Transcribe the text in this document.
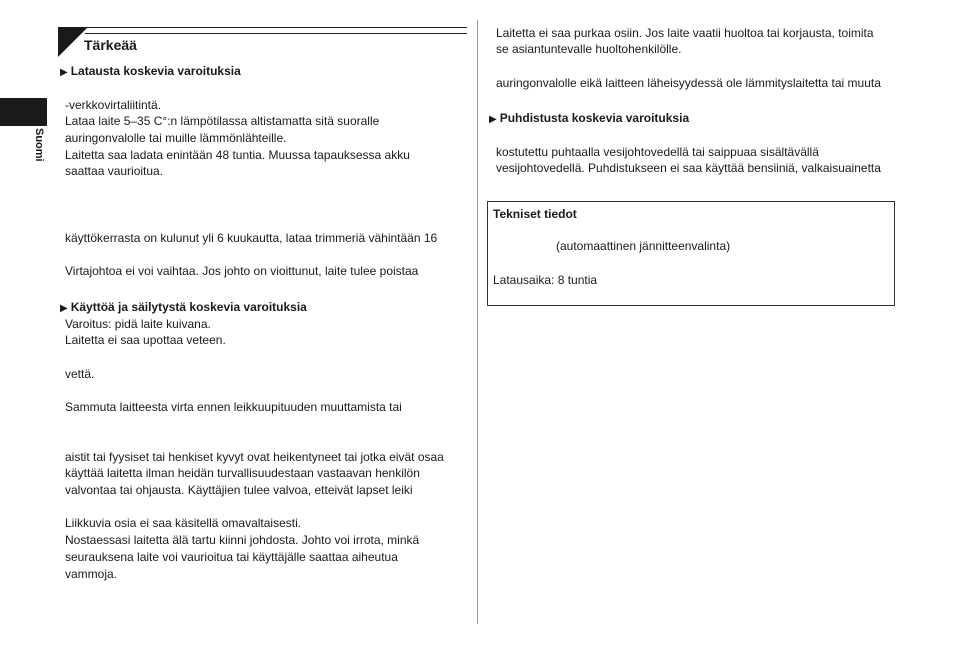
Tärkeää
Suomi
▶ Latausta koskevia varoituksia
-verkkovirtaliitintä.
Lataa laite 5–35 C°:n lämpötilassa altistamatta sitä suoralle
auringonvalolle tai muille lämmönlähteille.
Laitetta saa ladata enintään 48 tuntia. Muussa tapauksessa akku
saattaa vaurioitua.
käyttökerrasta on kulunut yli 6 kuukautta, lataa trimmeriä vähintään 16
Virtajohtoa ei voi vaihtaa. Jos johto on vioittunut, laite tulee poistaa
▶ Käyttöä ja säilytystä koskevia varoituksia
Varoitus: pidä laite kuivana.
Laitetta ei saa upottaa veteen.
vettä.
Sammuta laitteesta virta ennen leikkuupituuden muuttamista tai
aistit tai fyysiset tai henkiset kyvyt ovat heikentyneet tai jotka eivät osaa
käyttää laitetta ilman heidän turvallisuudestaan vastaavan henkilön
valvontaa tai ohjausta. Käyttäjien tulee valvoa, etteivät lapset leiki
Liikkuvia osia ei saa käsitellä omavaltaisesti.
Nostaessasi laitetta älä tartu kiinni johdosta. Johto voi irrota, minkä
seurauksena laite voi vaurioitua tai käyttäjälle saattaa aiheutua
vammoja.
Laitetta ei saa purkaa osiin. Jos laite vaatii huoltoa tai korjausta, toimita
se asiantuntevalle huoltohenkilölle.
auringonvalolle eikä laitteen läheisyydessä ole lämmityslaitetta tai muuta
▶ Puhdistusta koskevia varoituksia
kostutettu puhtaalla vesijohtovedellä tai saippuaa sisältävällä
vesijohtovedellä. Puhdistukseen ei saa käyttää bensiiniä, valkaisuainetta
Tekniset tiedot
(automaattinen jännitteenvalinta)
Latausaika: 8 tuntia
